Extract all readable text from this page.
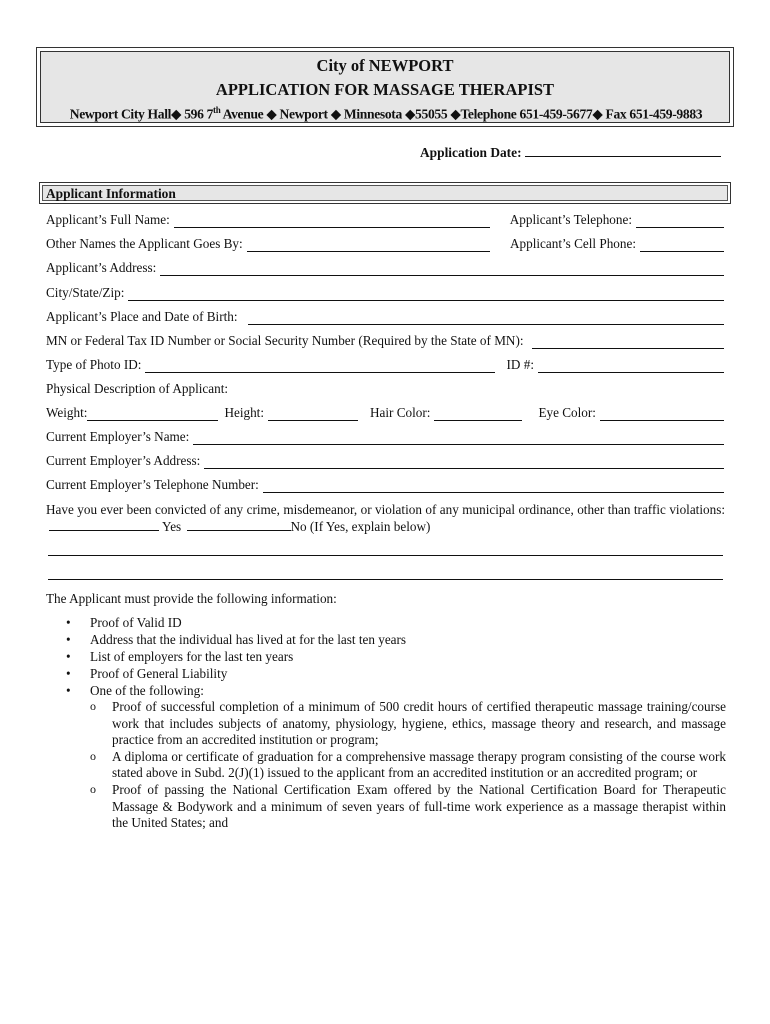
City of NEWPORT
APPLICATION FOR MASSAGE THERAPIST
Newport City Hall◆ 596 7th Avenue ◆ Newport ◆ Minnesota ◆55055 ◆Telephone 651-459-5677◆ Fax 651-459-9883
Application Date:
Applicant Information
Applicant’s Full Name:	Applicant’s Telephone:
Other Names the Applicant Goes By:	Applicant’s Cell Phone:
Applicant’s Address:
City/State/Zip:
Applicant’s Place and Date of Birth:
MN or Federal Tax ID Number or Social Security Number (Required by the State of MN):
Type of Photo ID:	ID #:
Physical Description of Applicant:
Weight:	Height:	Hair Color:	Eye Color:
Current Employer’s Name:
Current Employer’s Address:
Current Employer’s Telephone Number:
Have you ever been convicted of any crime, misdemeanor, or violation of any municipal ordinance, other than traffic violations: Yes	No (If Yes, explain below)
The Applicant must provide the following information:
• Proof of Valid ID
• Address that the individual has lived at for the last ten years
• List of employers for the last ten years
• Proof of General Liability
• One of the following:
o Proof of successful completion of a minimum of 500 credit hours of certified therapeutic massage training/course work that includes subjects of anatomy, physiology, hygiene, ethics, massage theory and research, and massage practice from an accredited institution or program;
o A diploma or certificate of graduation for a comprehensive massage therapy program consisting of the course work stated above in Subd. 2(J)(1) issued to the applicant from an accredited institution or an accredited program; or
o Proof of passing the National Certification Exam offered by the National Certification Board for Therapeutic Massage & Bodywork and a minimum of seven years of full-time work experience as a massage therapist within the United States; and
